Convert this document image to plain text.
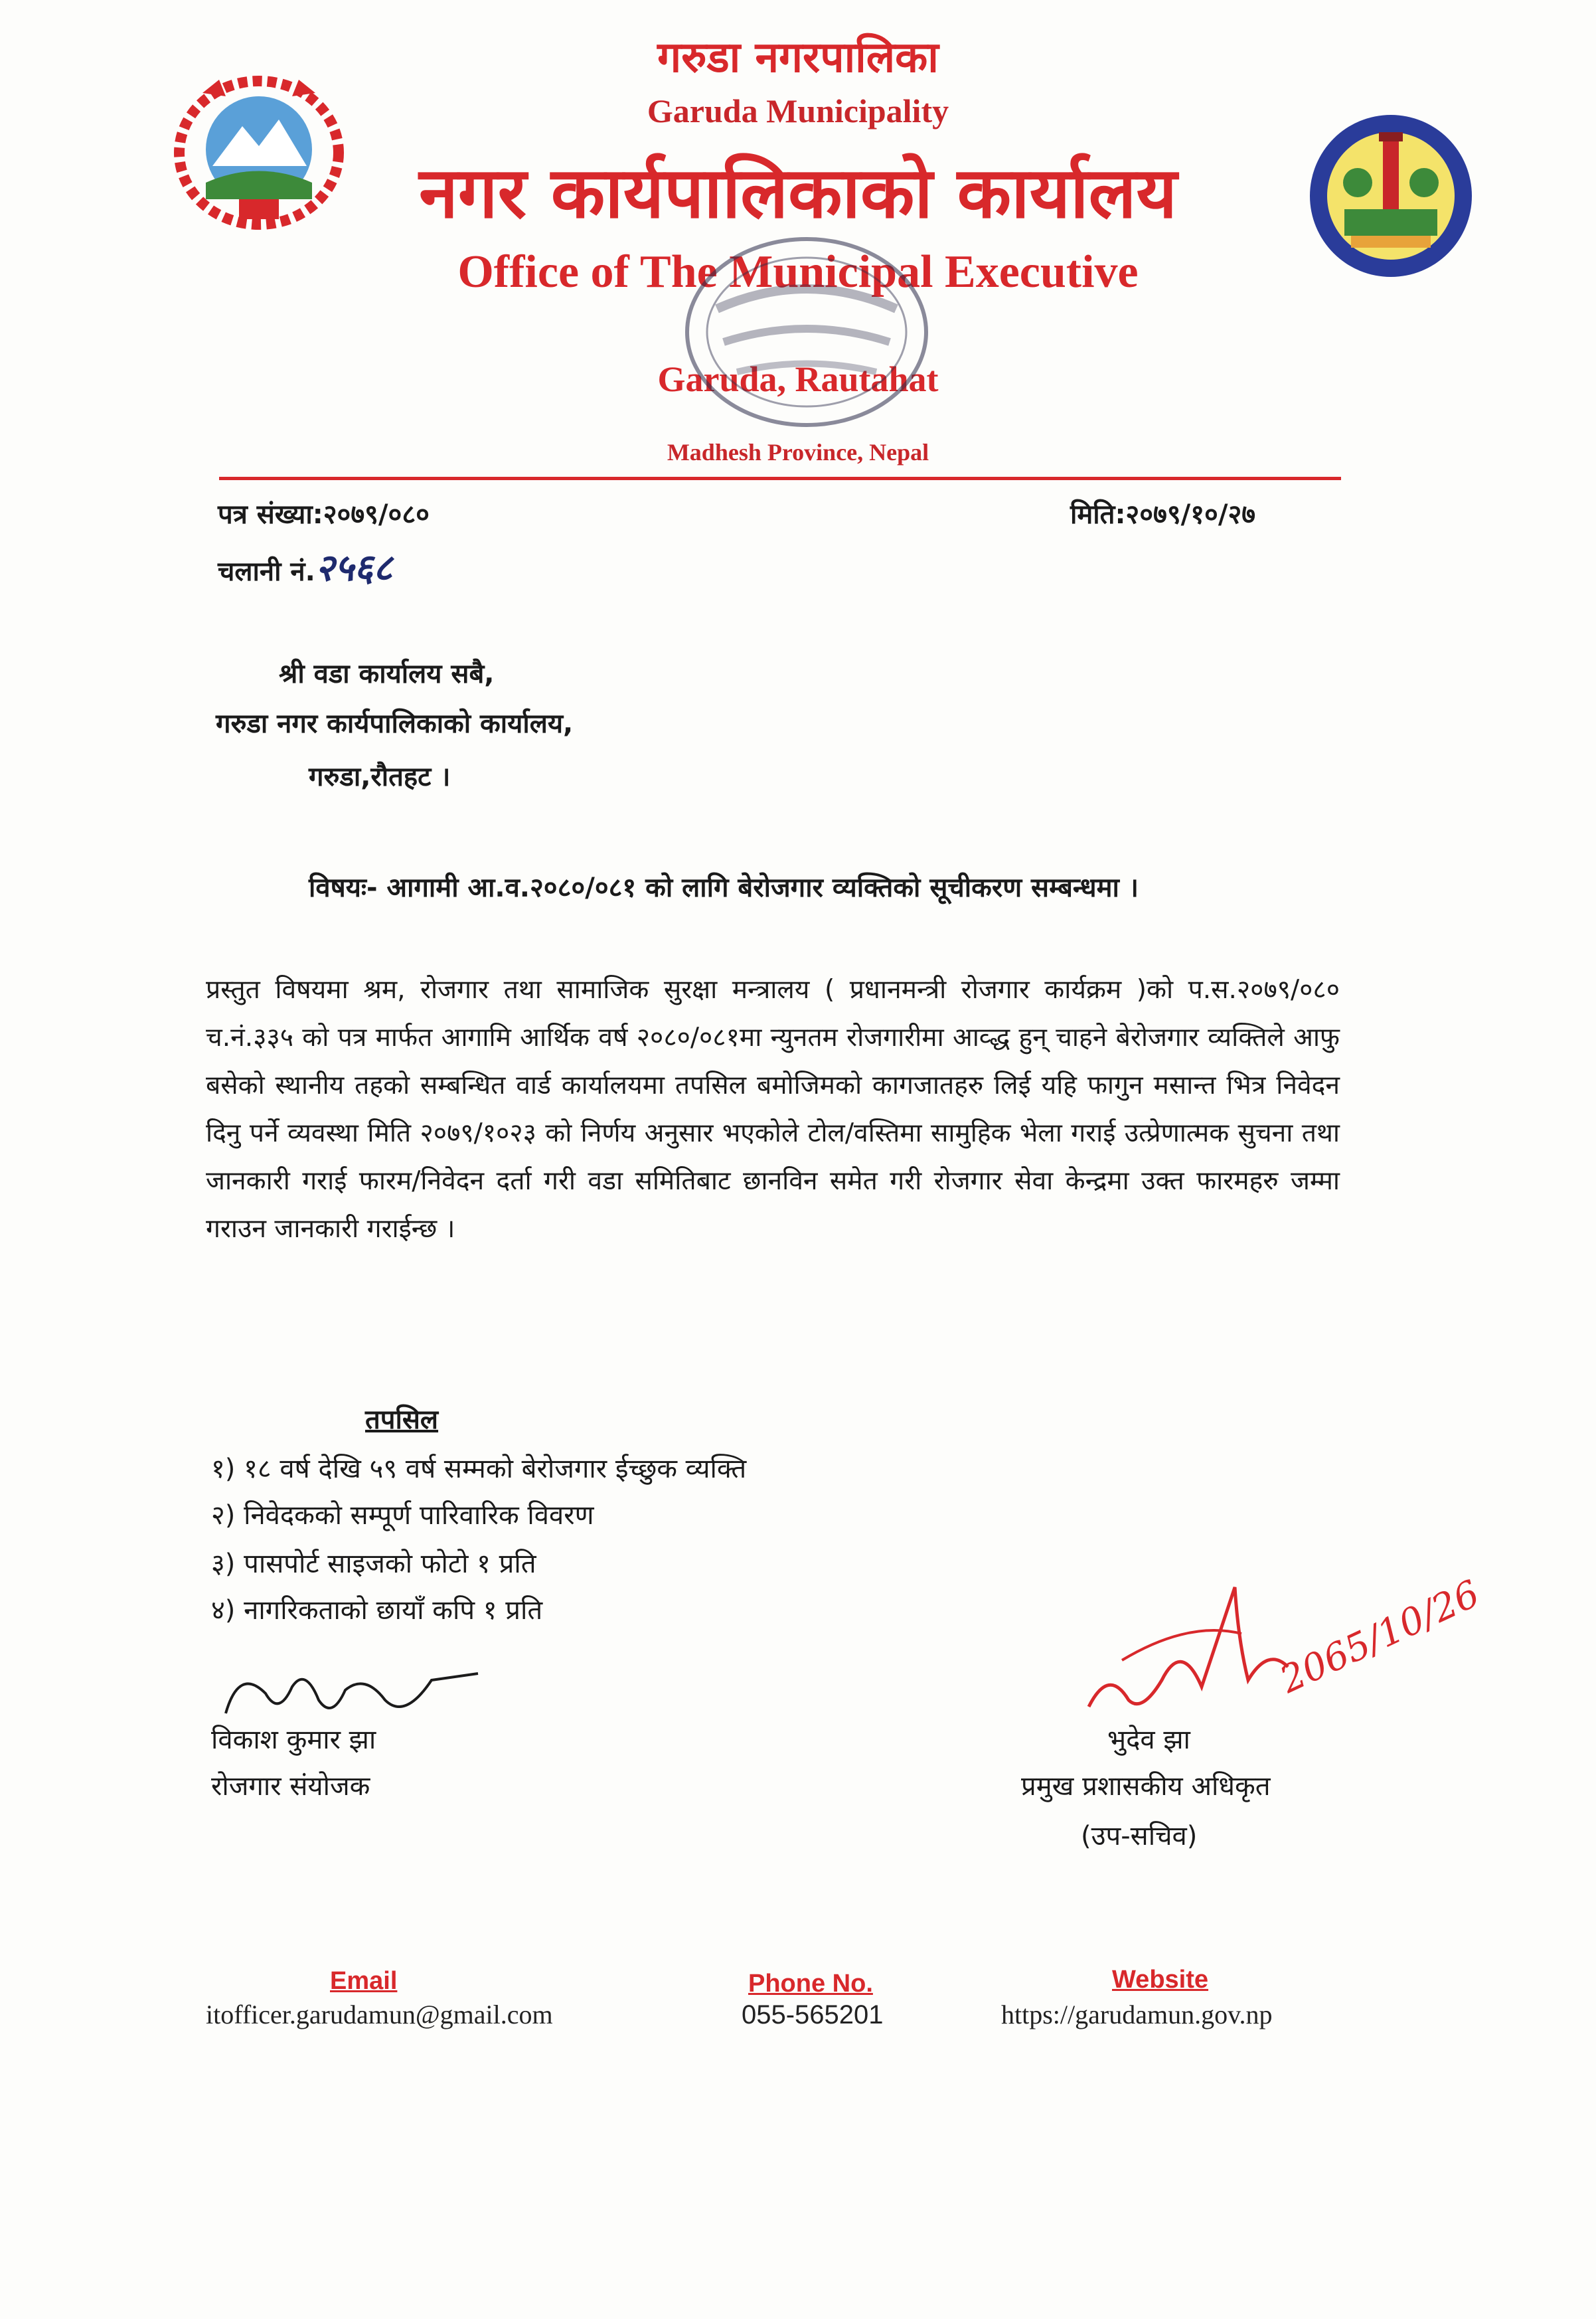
गरुडा नगरपालिका
Garuda Municipality
नगर कार्यपालिकाको कार्यालय
Office of The Municipal Executive
Garuda, Rautahat
Madhesh Province, Nepal
पत्र संख्या:२०७९/०८०	मिति:२०७९/१०/२७
चलानी नं.२५६८
श्री वडा कार्यालय सबै,
गरुडा नगर कार्यपालिकाको कार्यालय,
गरुडा,रौतहट ।
विषयः- आगामी आ.व.२०८०/०८१ को लागि बेरोजगार व्यक्तिको सूचीकरण सम्बन्धमा ।
प्रस्तुत विषयमा श्रम, रोजगार तथा सामाजिक सुरक्षा मन्त्रालय ( प्रधानमन्त्री रोजगार कार्यक्रम )को प.स.२०७९/०८० च.नं.३३५ को पत्र मार्फत आगामि आर्थिक वर्ष २०८०/०८१मा न्युनतम रोजगारीमा आव्द्ध हुन् चाहने बेरोजगार व्यक्तिले आफु बसेको स्थानीय तहको सम्बन्धित वार्ड कार्यालयमा तपसिल बमोजिमको कागजातहरु लिई यहि फागुन मसान्त भित्र निवेदन दिनु पर्ने व्यवस्था मिति २०७९/१०२३ को निर्णय अनुसार भएकोले टोल/वस्तिमा सामुहिक भेला गराई उत्प्रेणात्मक सुचना तथा जानकारी गराई फारम/निवेदन दर्ता गरी वडा समितिबाट छानविन समेत गरी रोजगार सेवा केन्द्रमा उक्त फारमहरु जम्मा गराउन जानकारी गराईन्छ ।
तपसिल
१) १८ वर्ष देखि ५९ वर्ष सम्मको बेरोजगार ईच्छुक व्यक्ति
२) निवेदकको सम्पूर्ण पारिवारिक विवरण
३) पासपोर्ट साइजको फोटो १ प्रति
४) नागरिकताको छायाँ कपि १ प्रति
विकाश कुमार झा
रोजगार संयोजक
2065/10/26
भुदेव झा
प्रमुख प्रशासकीय अधिकृत
(उप-सचिव)
Email
itofficer.garudamun@gmail.com
Phone No.
055-565201
Website
https://garudamun.gov.np
